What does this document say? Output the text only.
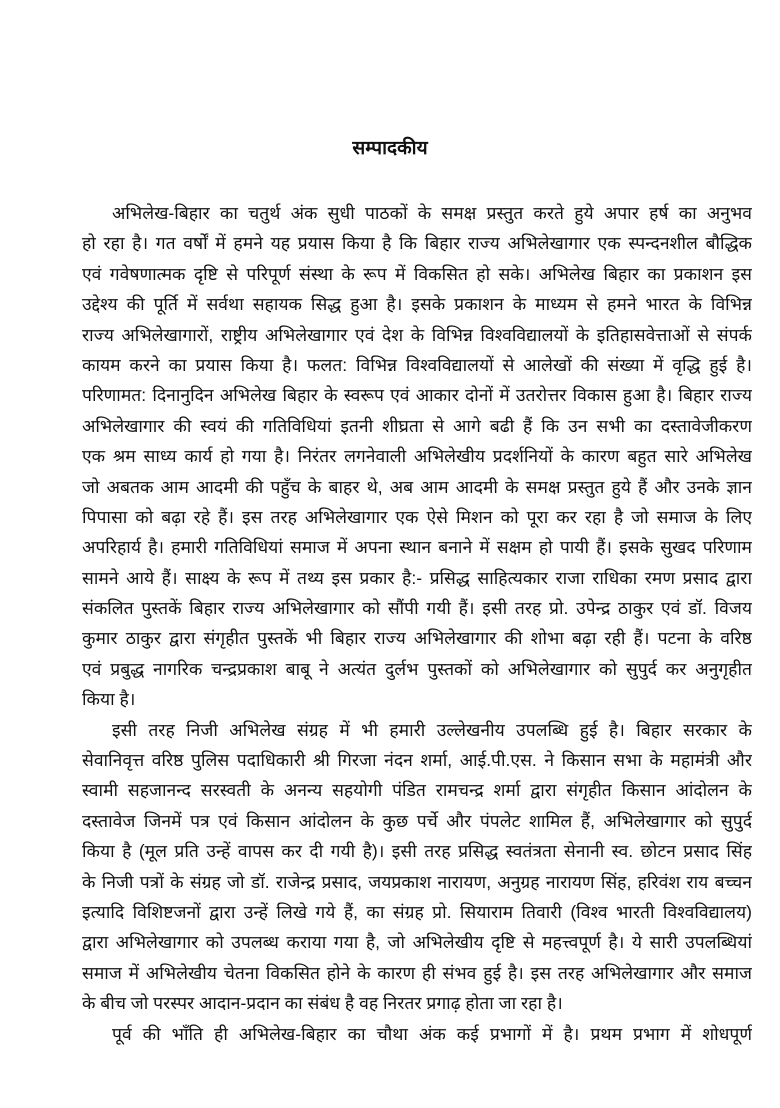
सम्पादकीय
अभिलेख-बिहार का चतुर्थ अंक सुधी पाठकों के समक्ष प्रस्तुत करते हुये अपार हर्ष का अनुभव
हो रहा है। गत वर्षों में हमने यह प्रयास किया है कि बिहार राज्य अभिलेखागार एक स्पन्दनशील बौद्धिक
एवं गवेषणात्मक दृष्टि से परिपूर्ण संस्था के रूप में विकसित हो सके। अभिलेख बिहार का प्रकाशन इस
उद्देश्य की पूर्ति में सर्वथा सहायक सिद्ध हुआ है। इसके प्रकाशन के माध्यम से हमने भारत के विभिन्न
राज्य अभिलेखागारों, राष्ट्रीय अभिलेखागार एवं देश के विभिन्न विश्वविद्यालयों के इतिहासवेत्ताओं से संपर्क
कायम करने का प्रयास किया है। फलत: विभिन्न विश्वविद्यालयों से आलेखों की संख्या में वृद्धि हुई है।
परिणामत: दिनानुदिन अभिलेख बिहार के स्वरूप एवं आकार दोनों में उतरोत्तर विकास हुआ है। बिहार राज्य
अभिलेखागार की स्वयं की गतिविधियां इतनी शीघ्रता से आगे बढी हैं कि उन सभी का दस्तावेजीकरण
एक श्रम साध्य कार्य हो गया है। निरंतर लगनेवाली अभिलेखीय प्रदर्शनियों के कारण बहुत सारे अभिलेख
जो अबतक आम आदमी की पहुँच के बाहर थे, अब आम आदमी के समक्ष प्रस्तुत हुये हैं और उनके ज्ञान
पिपासा को बढ़ा रहे हैं। इस तरह अभिलेखागार एक ऐसे मिशन को पूरा कर रहा है जो समाज के लिए
अपरिहार्य है। हमारी गतिविधियां समाज में अपना स्थान बनाने में सक्षम हो पायी हैं। इसके सुखद परिणाम
सामने आये हैं। साक्ष्य के रूप में तथ्य इस प्रकार है:- प्रसिद्ध साहित्यकार राजा राधिका रमण प्रसाद द्वारा
संकलित पुस्तकें बिहार राज्य अभिलेखागार को सौंपी गयी हैं। इसी तरह प्रो. उपेन्द्र ठाकुर एवं डॉ. विजय
कुमार ठाकुर द्वारा संगृहीत पुस्तकें भी बिहार राज्य अभिलेखागार की शोभा बढ़ा रही हैं। पटना के वरिष्ठ
एवं प्रबुद्ध नागरिक चन्द्रप्रकाश बाबू ने अत्यंत दुर्लभ पुस्तकों को अभिलेखागार को सुपुर्द कर अनुगृहीत
किया है।
इसी तरह निजी अभिलेख संग्रह में भी हमारी उल्लेखनीय उपलब्धि हुई है। बिहार सरकार के
सेवानिवृत्त वरिष्ठ पुलिस पदाधिकारी श्री गिरजा नंदन शर्मा, आई.पी.एस. ने किसान सभा के महामंत्री और
स्वामी सहजानन्द सरस्वती के अनन्य सहयोगी पंडित रामचन्द्र शर्मा द्वारा संगृहीत किसान आंदोलन के
दस्तावेज जिनमें पत्र एवं किसान आंदोलन के कुछ पर्चे और पंपलेट शामिल हैं, अभिलेखागार को सुपुर्द
किया है (मूल प्रति उन्हें वापस कर दी गयी है)। इसी तरह प्रसिद्ध स्वतंत्रता सेनानी स्व. छोटन प्रसाद सिंह
के निजी पत्रों के संग्रह जो डॉ. राजेन्द्र प्रसाद, जयप्रकाश नारायण, अनुग्रह नारायण सिंह, हरिवंश राय बच्चन
इत्यादि विशिष्टजनों द्वारा उन्हें लिखे गये हैं, का संग्रह प्रो. सियाराम तिवारी (विश्व भारती विश्वविद्यालय)
द्वारा अभिलेखागार को उपलब्ध कराया गया है, जो अभिलेखीय दृष्टि से महत्त्वपूर्ण है। ये सारी उपलब्धियां
समाज में अभिलेखीय चेतना विकसित होने के कारण ही संभव हुई है। इस तरह अभिलेखागार और समाज
के बीच जो परस्पर आदान-प्रदान का संबंध है वह निरतर प्रगाढ़ होता जा रहा है।
पूर्व की भाँति ही अभिलेख-बिहार का चौथा अंक कई प्रभागों में है। प्रथम प्रभाग में शोधपूर्ण
